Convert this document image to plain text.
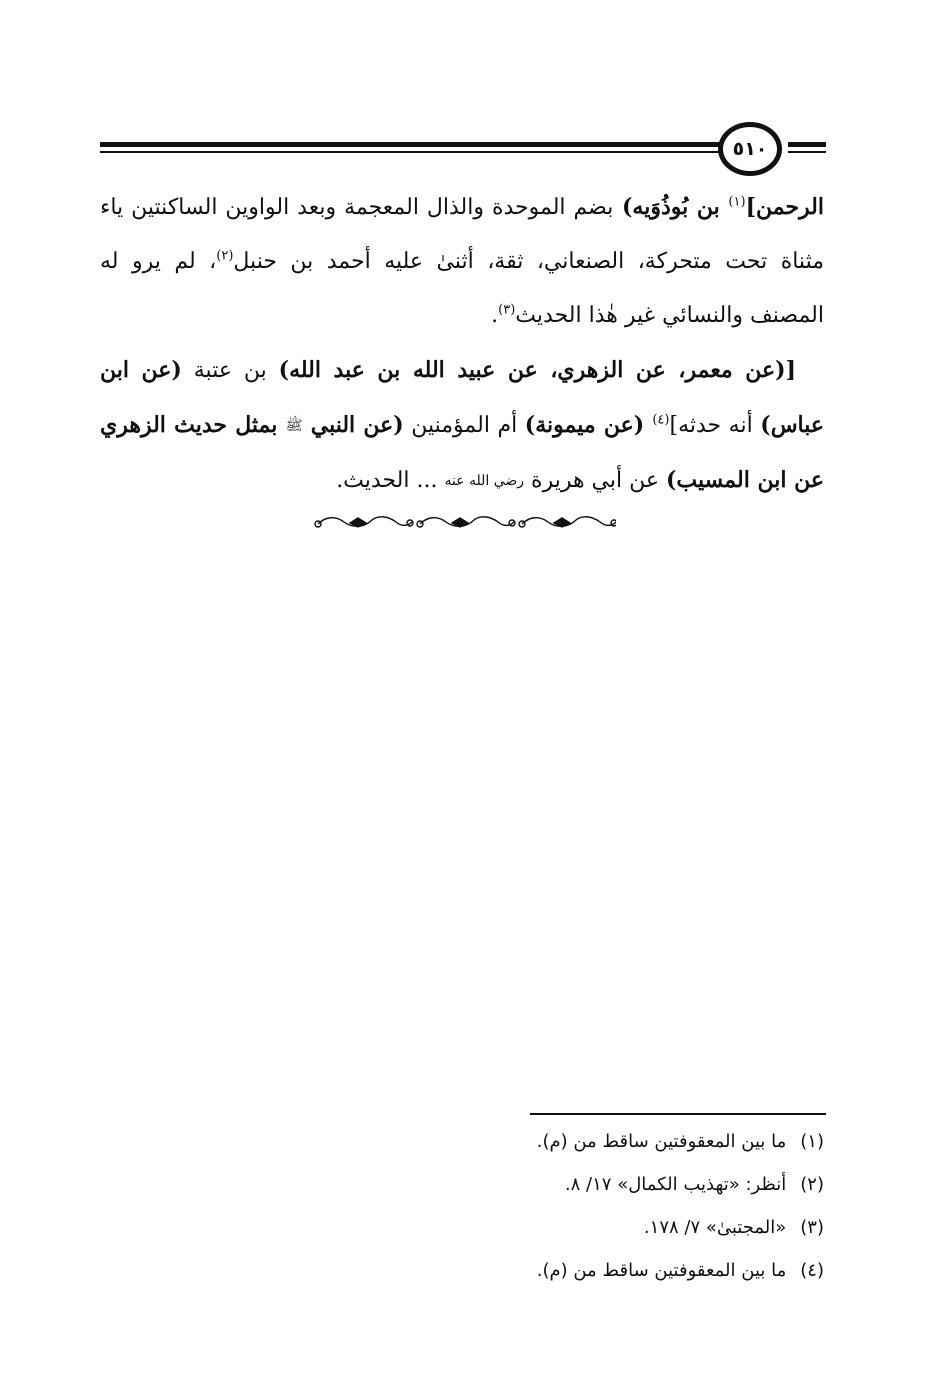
٥١٠

الرحمن]$^{(١)}$ بن بُوذُوَيه) بضم الموحدة والذال المعجمة وبعد الواوين الساكنتين ياء مثناة تحت متحركة، الصنعاني، ثقة، أثنىٰ عليه أحمد بن حنبل$^{(٢)}$، لم يرو له المصنف والنسائي غير هٰذا الحديث$^{(٣)}$.

[(عن معمر، عن الزهري، عن عبيد الله بن عبد الله) بن عتبة (عن ابن عباس) أنه حدثه]$^{(٤)}$ (عن ميمونة) أم المؤمنين (عن النبي ﷺ بمثل حديث الزهري عن ابن المسيب) عن أبي هريرة رضي الله عنه ... الحديث.

(١)ما بين المعقوفتين ساقط من (م).
(٢)أنظر: «تهذيب الكمال» ١٧/ ٨.
(٣)«المجتبىٰ» ٧/ ١٧٨.
(٤)ما بين المعقوفتين ساقط من (م).
